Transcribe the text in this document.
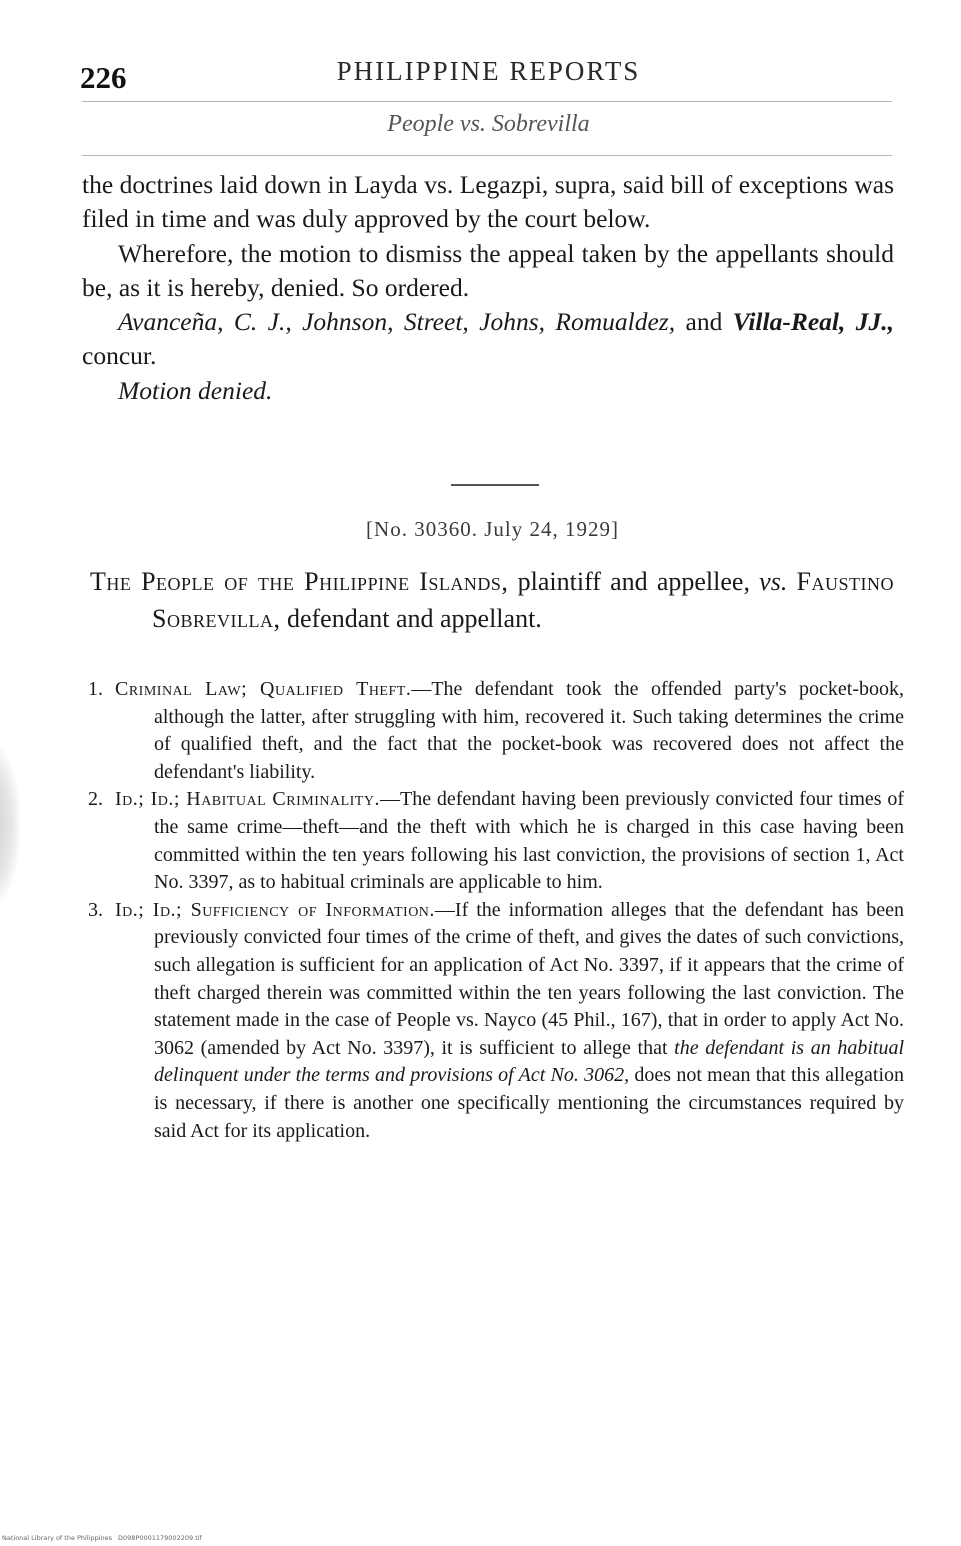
226	PHILIPPINE REPORTS
People vs. Sobrevilla

the doctrines laid down in Layda vs. Legazpi, supra, said bill of exceptions was filed in time and was duly approved by the court below.

Wherefore, the motion to dismiss the appeal taken by the appellants should be, as it is hereby, denied. So ordered.

Avanceña, C. J., Johnson, Street, Johns, Romualdez, and Villa-Real, JJ., concur.

Motion denied.

[No. 30360. July 24, 1929]
The People of the Philippine Islands, plaintiff and appellee, vs. Faustino Sobrevilla, defendant and appellant.
1. Criminal Law; Qualified Theft.—The defendant took the offended party's pocket-book, although the latter, after struggling with him, recovered it. Such taking determines the crime of qualified theft, and the fact that the pocket-book was recovered does not affect the defendant's liability.
2. Id.; Id.; Habitual Criminality.—The defendant having been previously convicted four times of the same crime—theft—and the theft with which he is charged in this case having been committed within the ten years following his last conviction, the provisions of section 1, Act No. 3397, as to habitual criminals are applicable to him.
3. Id.; Id.; Sufficiency of Information.—If the information alleges that the defendant has been previously convicted four times of the crime of theft, and gives the dates of such convictions, such allegation is sufficient for an application of Act No. 3397, if it appears that the crime of theft charged therein was committed within the ten years following the last conviction. The statement made in the case of People vs. Nayco (45 Phil., 167), that in order to apply Act No. 3062 (amended by Act No. 3397), it is sufficient to allege that the defendant is an habitual delinquent under the terms and provisions of Act No. 3062, does not mean that this allegation is necessary, if there is another one specifically mentioning the circumstances required by said Act for its application.
National Library of the Philippines D098P0001179002209.tif
